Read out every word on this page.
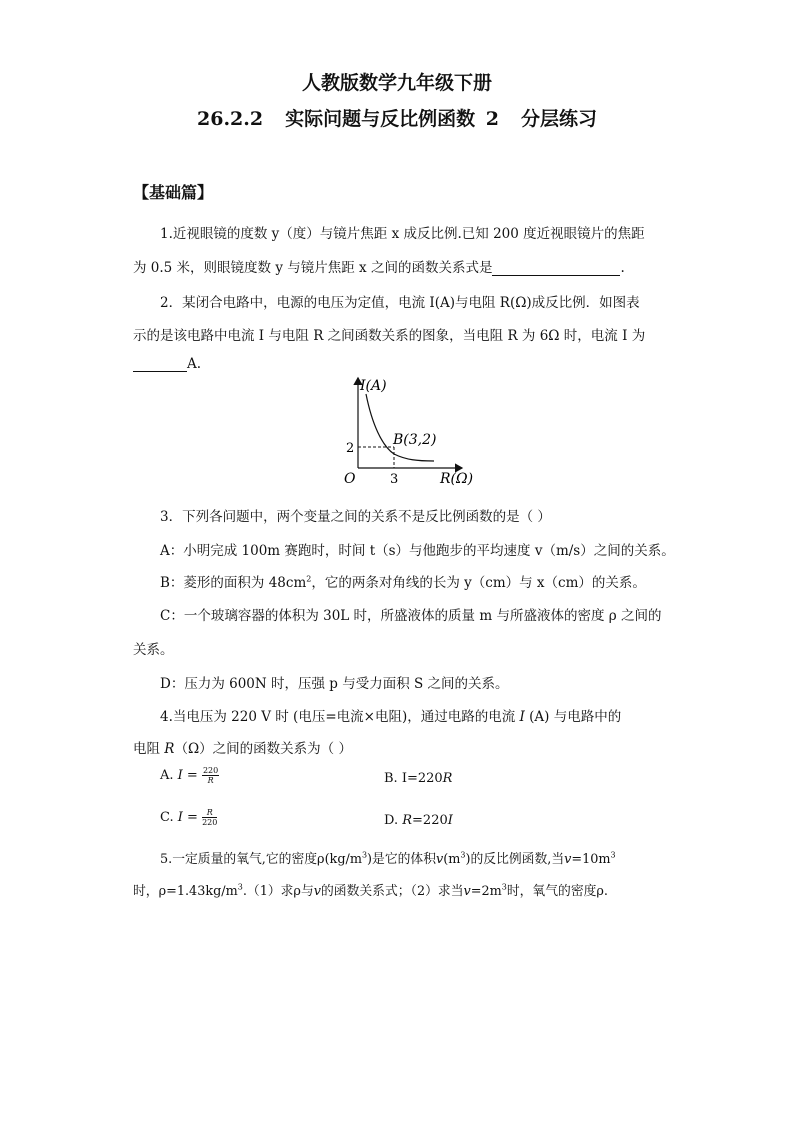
人教版数学九年级下册
26.2.2 实际问题与反比例函数 2 分层练习
【基础篇】
1.近视眼镜的度数 y（度）与镜片焦距 x 成反比例.已知 200 度近视眼镜片的焦距
为 0.5 米，则眼镜度数 y 与镜片焦距 x 之间的函数关系式是	.
2．某闭合电路中，电源的电压为定值，电流 I(A)与电阻 R(Ω)成反比例．如图表
示的是该电路中电流 I 与电阻 R 之间函数关系的图象，当电阻 R 为 6Ω 时，电流 I 为
A.
I(A)
R(Ω)
O	3
2
B(3,2)
3．下列各问题中，两个变量之间的关系不是反比例函数的是（ ）
A：小明完成 100m 赛跑时，时间 t（s）与他跑步的平均速度 v（m/s）之间的关系。
B：菱形的面积为 $48cm^2$，它的两条对角线的长为 y（cm）与 x（cm）的关系。
C：一个玻璃容器的体积为 30L 时，所盛液体的质量 m 与所盛液体的密度 ρ 之间的
关系。
D：压力为 600N 时，压强 p 与受力面积 S 之间的关系。
4.当电压为 220 V 时 (电压=电流×电阻)，通过电路的电流 I (A) 与电路中的
电阻 R（Ω）之间的函数关系为（ ）
A. $I = \frac{220}{R}$	B. I=220R
C. $I = \frac{R}{220}$	D. R=220I
5.一定质量的氧气,它的密度$\rho(kg/m^3)$是它的体积$v(m^3)$的反比例函数,当$v=10m^3$
时，$\rho=1.43kg/m^3.(1)$求ρ与v的函数关系式；（2）求当$v=2m^3$时，氧气的密度ρ.
